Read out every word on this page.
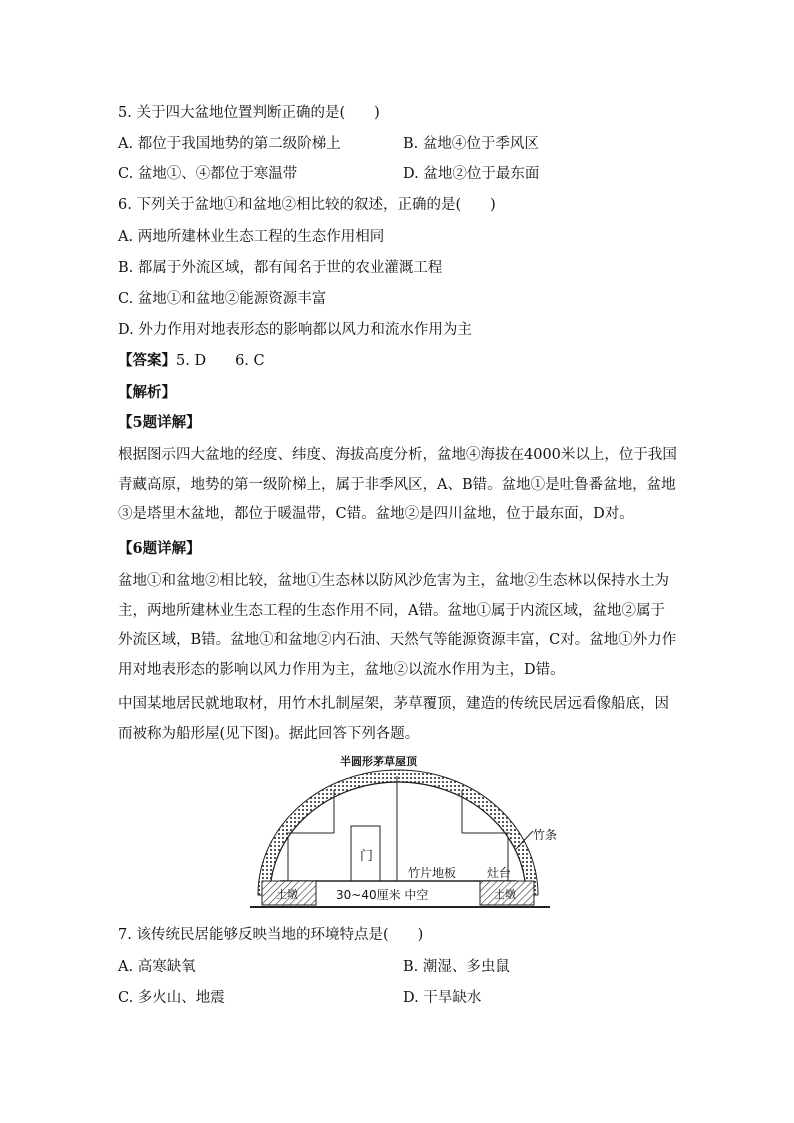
5. 关于四大盆地位置判断正确的是(　　)
A. 都位于我国地势的第二级阶梯上	B. 盆地④位于季风区
C. 盆地①、④都位于寒温带	D. 盆地②位于最东面
6. 下列关于盆地①和盆地②相比较的叙述，正确的是(　　)
A. 两地所建林业生态工程的生态作用相同
B. 都属于外流区域，都有闻名于世的农业灌溉工程
C. 盆地①和盆地②能源资源丰富
D. 外力作用对地表形态的影响都以风力和流水作用为主
【答案】5. D　　6. C
【解析】
【5题详解】
根据图示四大盆地的经度、纬度、海拔高度分析，盆地④海拔在4000米以上，位于我国青藏高原，地势的第一级阶梯上，属于非季风区，A、B错。盆地①是吐鲁番盆地，盆地③是塔里木盆地，都位于暖温带，C错。盆地②是四川盆地，位于最东面，D对。
【6题详解】
盆地①和盆地②相比较，盆地①生态林以防风沙危害为主，盆地②生态林以保持水土为主，两地所建林业生态工程的生态作用不同，A错。盆地①属于内流区域，盆地②属于外流区域，B错。盆地①和盆地②内石油、天然气等能源资源丰富，C对。盆地①外力作用对地表形态的影响以风力作用为主，盆地②以流水作用为主，D错。
中国某地居民就地取材，用竹木扎制屋架，茅草覆顶，建造的传统民居远看像船底，因而被称为船形屋(见下图)。据此回答下列各题。
半圆形茅草屋顶
竹条
门
竹片地板	灶台
土墩	土墩
30~40厘米 中空
7. 该传统民居能够反映当地的环境特点是(　　)
A. 高寒缺氧	B. 潮湿、多虫鼠
C. 多火山、地震	D. 干旱缺水
